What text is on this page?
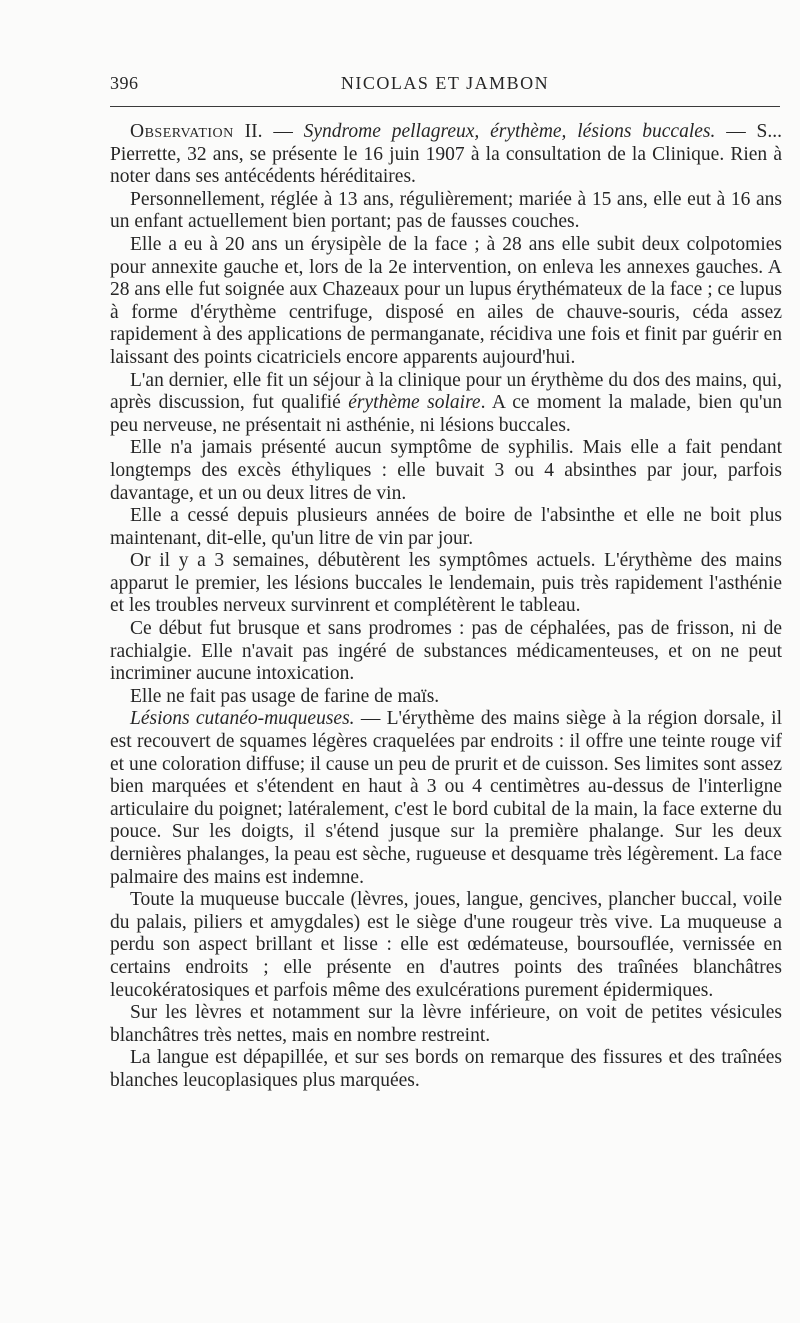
396	NICOLAS ET JAMBON

Observation II. — Syndrome pellagreux, érythème, lésions buccales. — S... Pierrette, 32 ans, se présente le 16 juin 1907 à la consultation de la Clinique. Rien à noter dans ses antécédents héréditaires.

Personnellement, réglée à 13 ans, régulièrement; mariée à 15 ans, elle eut à 16 ans un enfant actuellement bien portant; pas de fausses couches.

Elle a eu à 20 ans un érysipèle de la face ; à 28 ans elle subit deux colpotomies pour annexite gauche et, lors de la 2e intervention, on enleva les annexes gauches. A 28 ans elle fut soignée aux Chazeaux pour un lupus érythémateux de la face ; ce lupus à forme d'érythème centrifuge, disposé en ailes de chauve-souris, céda assez rapidement à des applications de permanganate, récidiva une fois et finit par guérir en laissant des points cicatriciels encore apparents aujourd'hui.

L'an dernier, elle fit un séjour à la clinique pour un érythème du dos des mains, qui, après discussion, fut qualifié érythème solaire. A ce moment la malade, bien qu'un peu nerveuse, ne présentait ni asthénie, ni lésions buccales.

Elle n'a jamais présenté aucun symptôme de syphilis. Mais elle a fait pendant longtemps des excès éthyliques : elle buvait 3 ou 4 absinthes par jour, parfois davantage, et un ou deux litres de vin.

Elle a cessé depuis plusieurs années de boire de l'absinthe et elle ne boit plus maintenant, dit-elle, qu'un litre de vin par jour.

Or il y a 3 semaines, débutèrent les symptômes actuels. L'érythème des mains apparut le premier, les lésions buccales le lendemain, puis très rapidement l'asthénie et les troubles nerveux survinrent et complétèrent le tableau.

Ce début fut brusque et sans prodromes : pas de céphalées, pas de frisson, ni de rachialgie. Elle n'avait pas ingéré de substances médicamenteuses, et on ne peut incriminer aucune intoxication.

Elle ne fait pas usage de farine de maïs.

Lésions cutanéo-muqueuses. — L'érythème des mains siège à la région dorsale, il est recouvert de squames légères craquelées par endroits : il offre une teinte rouge vif et une coloration diffuse; il cause un peu de prurit et de cuisson. Ses limites sont assez bien marquées et s'étendent en haut à 3 ou 4 centimètres au-dessus de l'interligne articulaire du poignet; latéralement, c'est le bord cubital de la main, la face externe du pouce. Sur les doigts, il s'étend jusque sur la première phalange. Sur les deux dernières phalanges, la peau est sèche, rugueuse et desquame très légèrement. La face palmaire des mains est indemne.

Toute la muqueuse buccale (lèvres, joues, langue, gencives, plancher buccal, voile du palais, piliers et amygdales) est le siège d'une rougeur très vive. La muqueuse a perdu son aspect brillant et lisse : elle est œdémateuse, boursouflée, vernissée en certains endroits ; elle présente en d'autres points des traînées blanchâtres leucokératosiques et parfois même des exulcérations purement épidermiques.

Sur les lèvres et notamment sur la lèvre inférieure, on voit de petites vésicules blanchâtres très nettes, mais en nombre restreint.

La langue est dépapillée, et sur ses bords on remarque des fissures et des traînées blanches leucoplasiques plus marquées.
